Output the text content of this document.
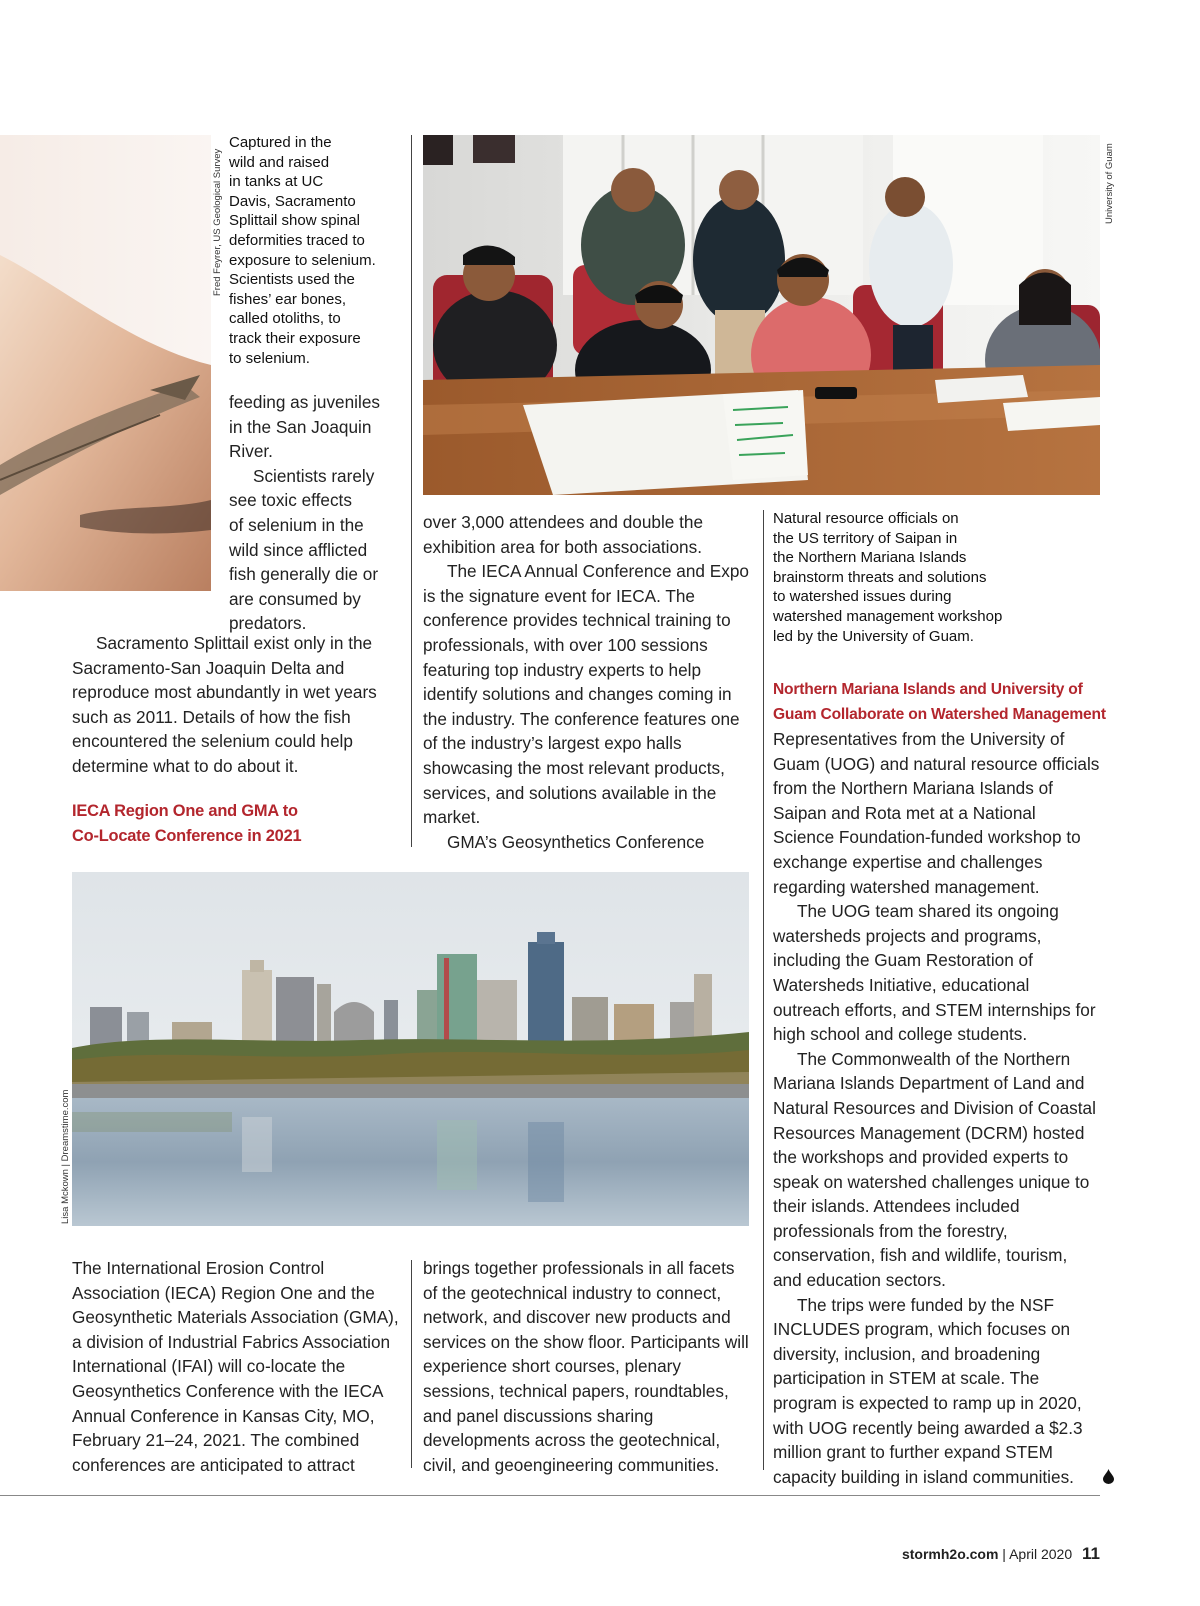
Fred Feyrer, US Geological Survey

Captured in the

wild and raised

in tanks at UC

Davis, Sacramento

Splittail show spinal

deformities traced to

exposure to selenium.

Scientists used the

fishes’ ear bones,

called otoliths, to

track their exposure

to selenium.

feeding as juveniles

in the San Joaquin

River.

Scientists rarely

see toxic effects

of selenium in the

wild since afflicted

fish generally die or

are consumed by

predators.

Sacramento Splittail exist only in the Sacramento-San Joaquin Delta and reproduce most abundantly in wet years such as 2011. Details of how the fish encountered the selenium could help determine what to do about it.

IECA Region One and GMA to
Co-Locate Conference in 2021
University of Guam

over 3,000 attendees and double the exhibition area for both associations.

The IECA Annual Conference and Expo is the signature event for IECA. The conference provides technical training to professionals, with over 100 sessions featuring top industry experts to help identify solutions and changes coming in the industry. The conference features one of the industry’s largest expo halls showcasing the most relevant products, services, and solutions available in the market.

GMA’s Geosynthetics Conference

Natural resource officials on

the US territory of Saipan in

the Northern Mariana Islands

brainstorm threats and solutions

to watershed issues during

watershed management workshop

led by the University of Guam.

Northern Mariana Islands and University of
Guam Collaborate on Watershed Management

Representatives from the University of Guam (UOG) and natural resource officials from the Northern Mariana Islands of Saipan and Rota met at a National Science Foundation-funded workshop to exchange expertise and challenges regarding watershed management.

The UOG team shared its ongoing watersheds projects and programs, including the Guam Restoration of Watersheds Initiative, educational outreach efforts, and STEM internships for high school and college students.

The Commonwealth of the Northern Mariana Islands Department of Land and Natural Resources and Division of Coastal Resources Management (DCRM) hosted the workshops and provided experts to speak on watershed challenges unique to their islands. Attendees included professionals from the forestry, conservation, fish and wildlife, tourism, and education sectors.

The trips were funded by the NSF INCLUDES program, which focuses on diversity, inclusion, and broadening participation in STEM at scale. The program is expected to ramp up in 2020, with UOG recently being awarded a $2.3 million grant to further expand STEM capacity building in island communities.

Lisa Mckown | Dreamstime.com

The International Erosion Control Association (IECA) Region One and the Geosynthetic Materials Association (GMA), a division of Industrial Fabrics Association International (IFAI) will co-locate the Geosynthetics Conference with the IECA Annual Conference in Kansas City, MO, February 21–24, 2021. The combined conferences are anticipated to attract

brings together professionals in all facets of the geotechnical industry to connect, network, and discover new products and services on the show floor. Participants will experience short courses, plenary sessions, technical papers, roundtables, and panel discussions sharing developments across the geotechnical, civil, and geoengineering communities.

stormh2o.com | April 2020 11
